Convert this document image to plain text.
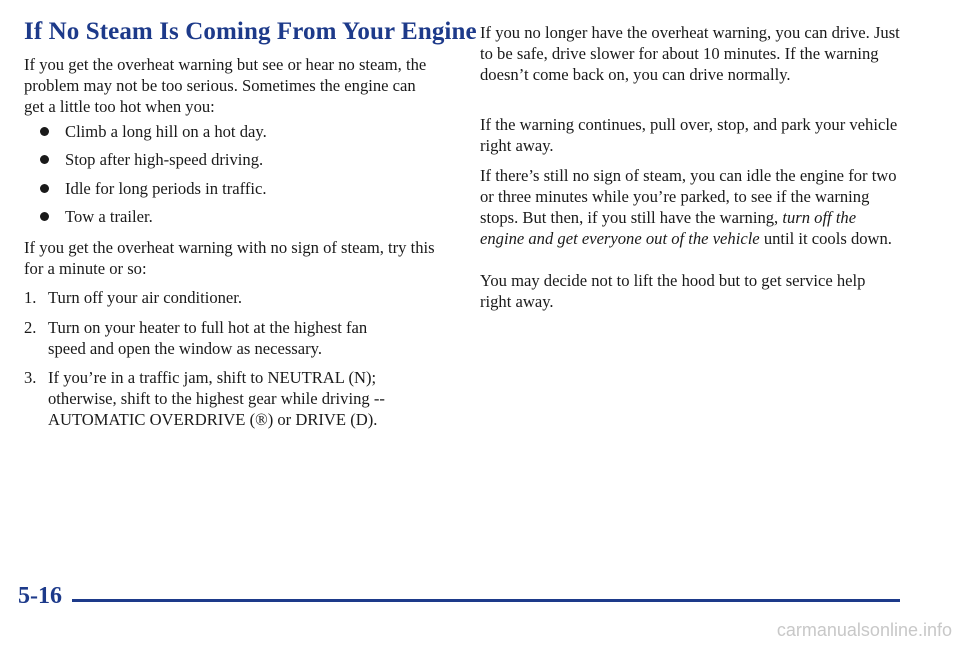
If No Steam Is Coming From Your Engine

If you get the overheat warning but see or hear no steam, the problem may not be too serious. Sometimes the engine can get a little too hot when you:

Climb a long hill on a hot day.
Stop after high-speed driving.
Idle for long periods in traffic.
Tow a trailer.

If you get the overheat warning with no sign of steam, try this for a minute or so:

1. Turn off your air conditioner.
2. Turn on your heater to full hot at the highest fan speed and open the window as necessary.
3. If you’re in a traffic jam, shift to NEUTRAL (N); otherwise, shift to the highest gear while driving -- AUTOMATIC OVERDRIVE (®) or DRIVE (D).

If you no longer have the overheat warning, you can drive. Just to be safe, drive slower for about 10 minutes. If the warning doesn’t come back on, you can drive normally.

If the warning continues, pull over, stop, and park your vehicle right away.

If there’s still no sign of steam, you can idle the engine for two or three minutes while you’re parked, to see if the warning stops. But then, if you still have the warning, turn off the engine and get everyone out of the vehicle until it cools down.

You may decide not to lift the hood but to get service help right away.

5-16
carmanualsonline.info
